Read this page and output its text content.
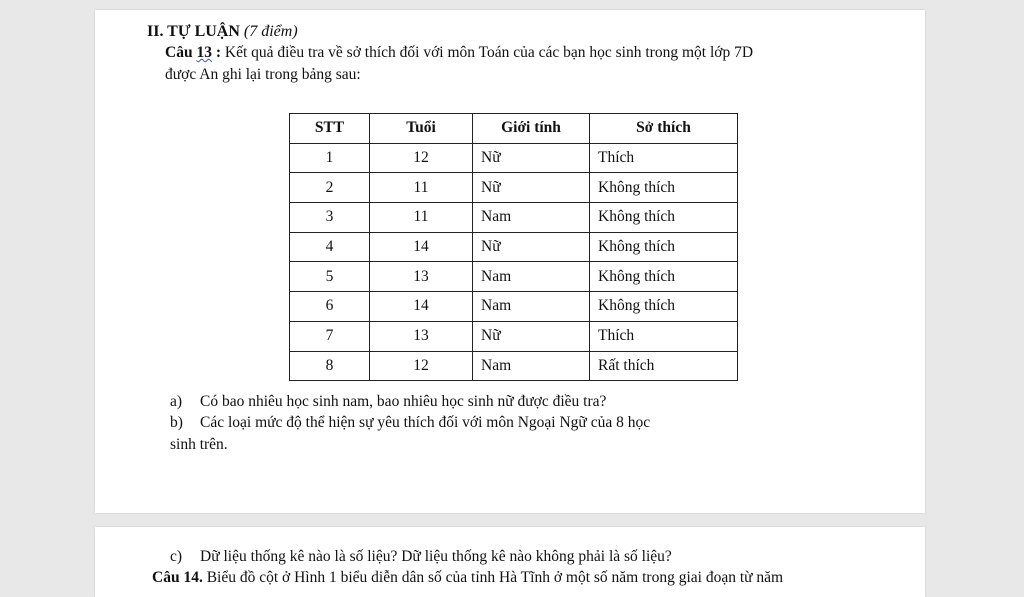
II. TỰ LUẬN (7 điểm)
Câu 13 : Kết quả điều tra về sở thích đối với môn Toán của các bạn học sinh trong một lớp 7D
được An ghi lại trong bảng sau:
STT	Tuổi	Giới tính	Sở thích
1	12	Nữ	Thích
2	11	Nữ	Không thích
3	11	Nam	Không thích
4	14	Nữ	Không thích
5	13	Nam	Không thích
6	14	Nam	Không thích
7	13	Nữ	Thích
8	12	Nam	Rất thích
a) Có bao nhiêu học sinh nam, bao nhiêu học sinh nữ được điều tra?
b) Các loại mức độ thể hiện sự yêu thích đối với môn Ngoại Ngữ của 8 học
sinh trên.
c) Dữ liệu thống kê nào là số liệu? Dữ liệu thống kê nào không phải là số liệu?
Câu 14. Biểu đồ cột ở Hình 1 biểu diễn dân số của tỉnh Hà Tĩnh ở một số năm trong giai đoạn từ năm
